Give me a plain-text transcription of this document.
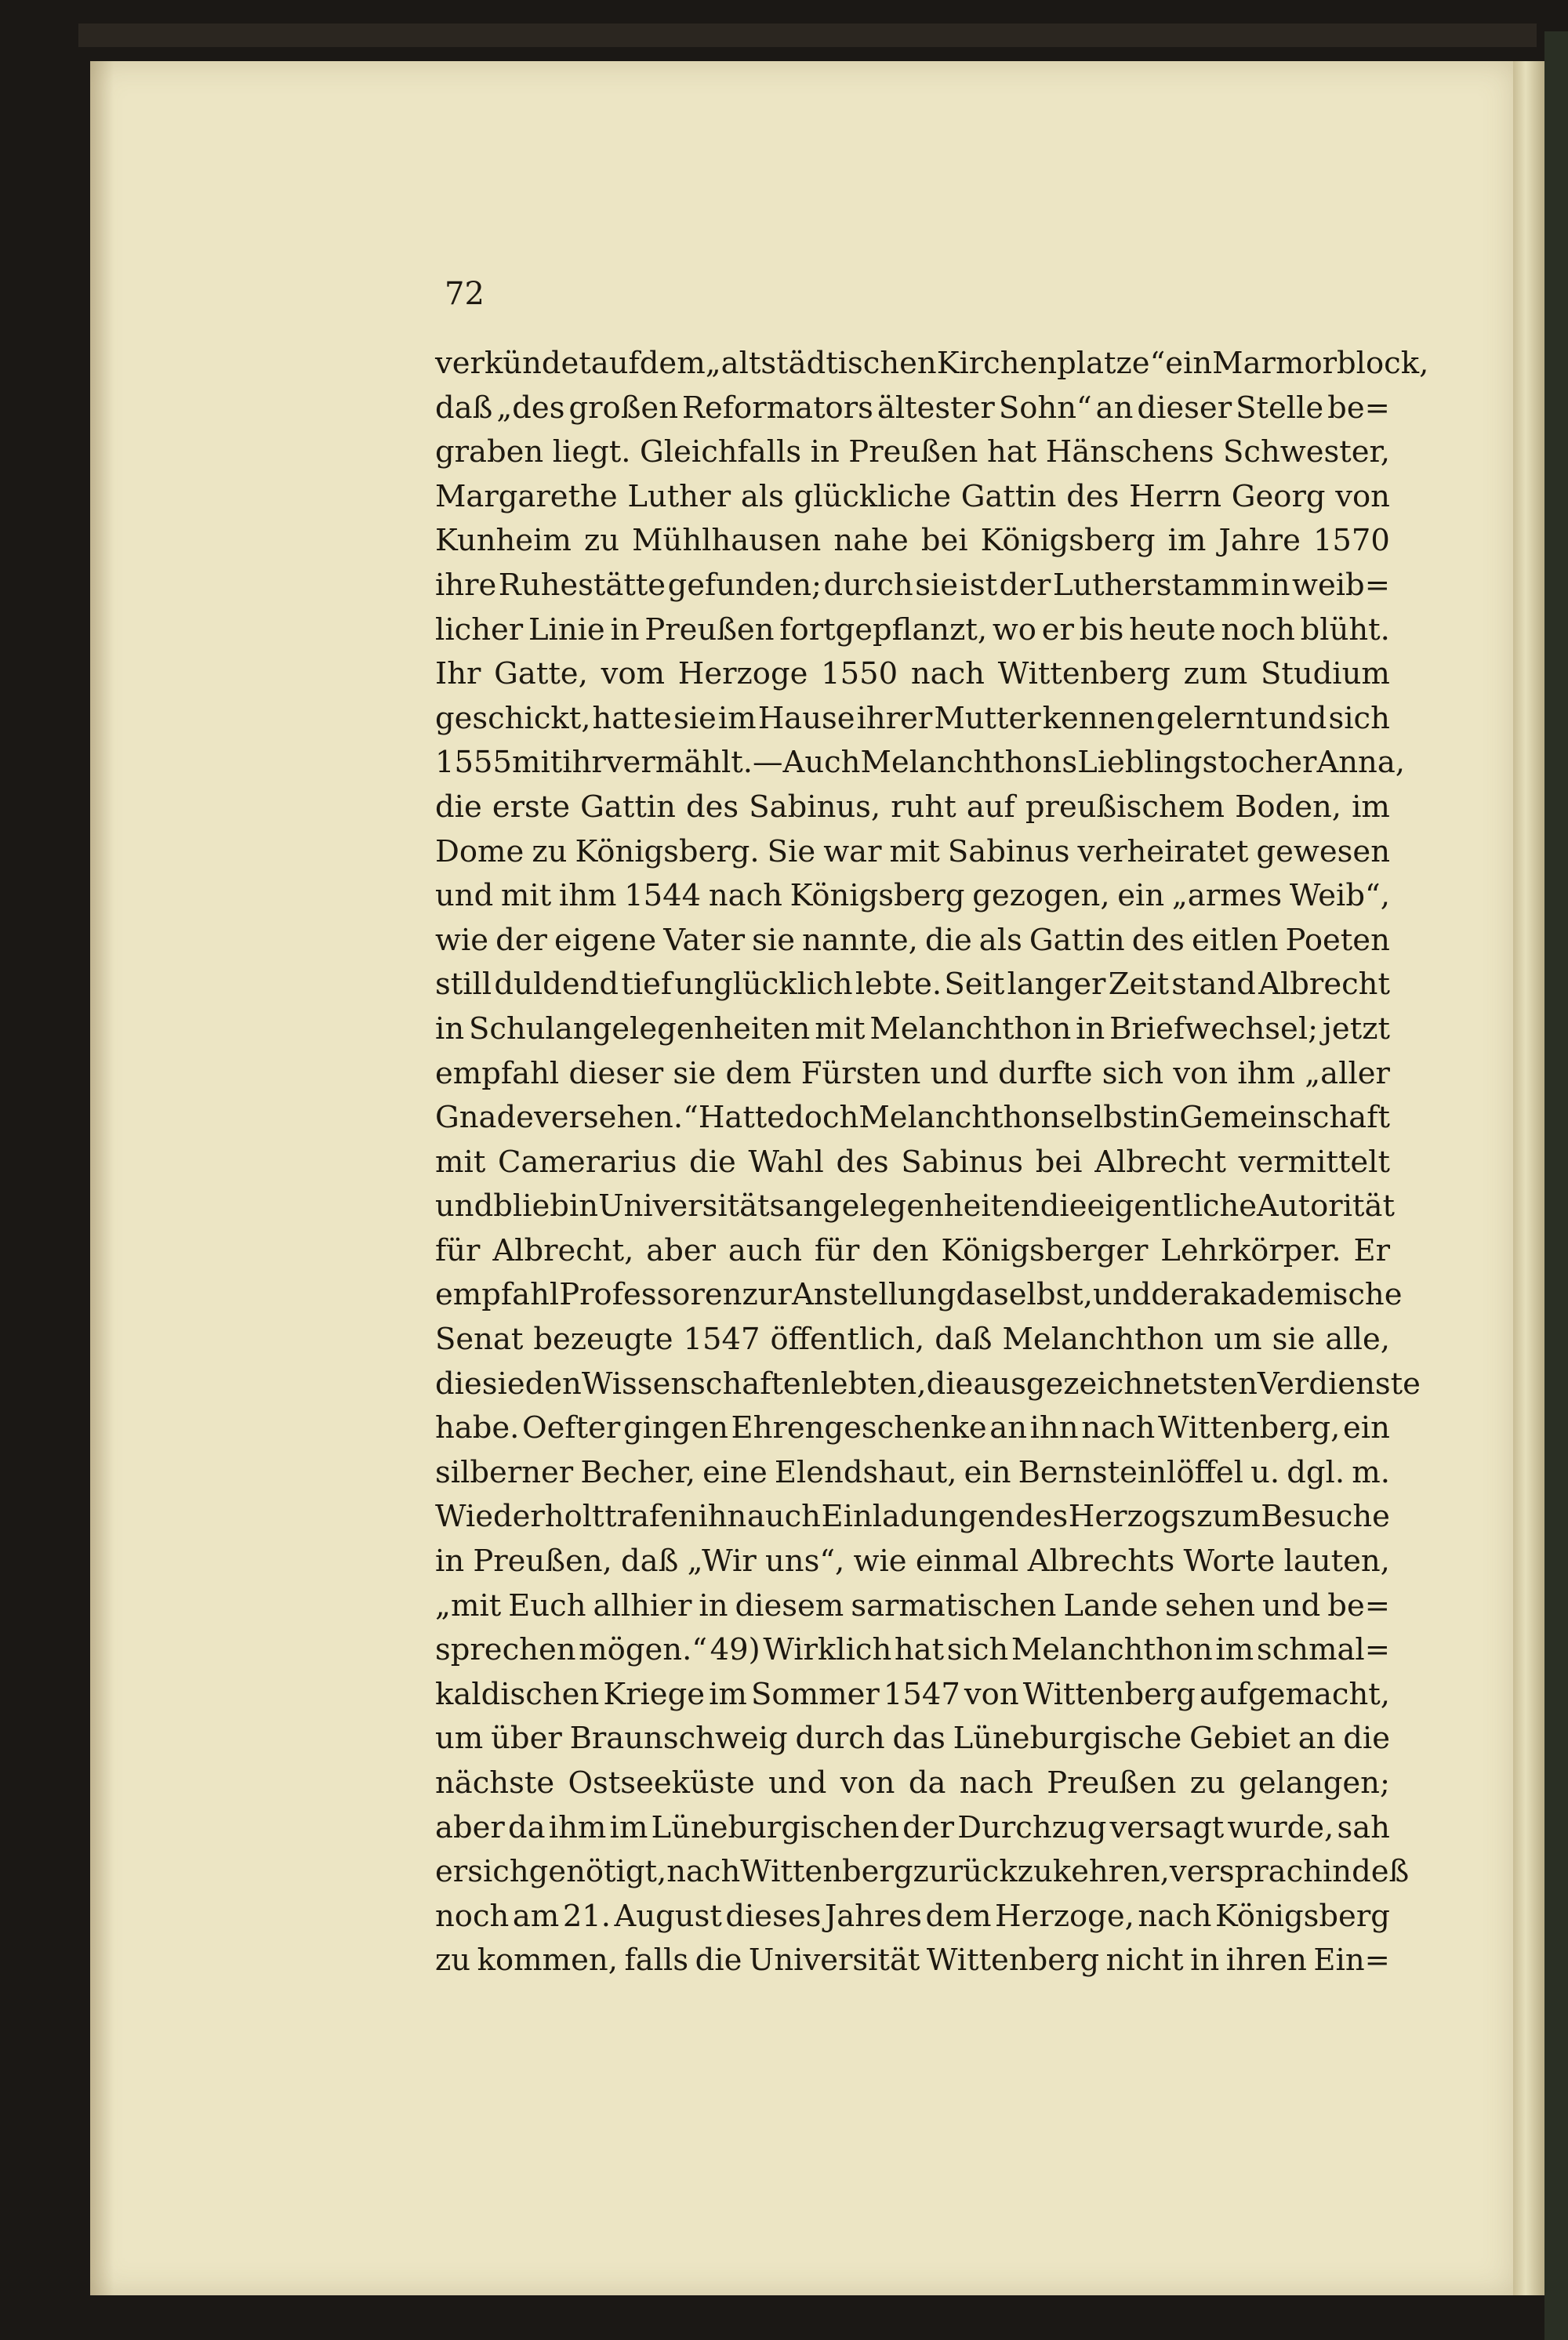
72

verkündet auf dem „altstädtischen Kirchenplatze“ ein Marmorblock,
daß „des großen Reformators ältester Sohn“ an dieser Stelle be=
graben liegt. Gleichfalls in Preußen hat Hänschens Schwester,
Margarethe Luther als glückliche Gattin des Herrn Georg von
Kunheim zu Mühlhausen nahe bei Königsberg im Jahre 1570
ihre Ruhestätte gefunden; durch sie ist der Lutherstamm in weib=
licher Linie in Preußen fortgepflanzt, wo er bis heute noch blüht.
Ihr Gatte, vom Herzoge 1550 nach Wittenberg zum Studium
geschickt, hatte sie im Hause ihrer Mutter kennen gelernt und sich
1555 mit ihr vermählt. — Auch Melanchthons Lieblingstocher Anna,
die erste Gattin des Sabinus, ruht auf preußischem Boden, im
Dome zu Königsberg. Sie war mit Sabinus verheiratet gewesen
und mit ihm 1544 nach Königsberg gezogen, ein „armes Weib“,
wie der eigene Vater sie nannte, die als Gattin des eitlen Poeten
still duldend tief unglücklich lebte. Seit langer Zeit stand Albrecht
in Schulangelegenheiten mit Melanchthon in Briefwechsel; jetzt
empfahl dieser sie dem Fürsten und durfte sich von ihm „aller
Gnade versehen.“ Hatte doch Melanchthon selbst in Gemeinschaft
mit Camerarius die Wahl des Sabinus bei Albrecht vermittelt
und blieb in Universitätsangelegenheiten die eigentliche Autorität
für Albrecht, aber auch für den Königsberger Lehrkörper. Er
empfahl Professoren zur Anstellung daselbst, und der akademische
Senat bezeugte 1547 öffentlich, daß Melanchthon um sie alle,
die sie den Wissenschaften lebten, die ausgezeichnetsten Verdienste
habe. Oefter gingen Ehrengeschenke an ihn nach Wittenberg, ein
silberner Becher, eine Elendshaut, ein Bernsteinlöffel u. dgl. m.
Wiederholt trafen ihn auch Einladungen des Herzogs zum Besuche
in Preußen, daß „Wir uns“, wie einmal Albrechts Worte lauten,
„mit Euch allhier in diesem sarmatischen Lande sehen und be=
sprechen mögen.“ 49) Wirklich hat sich Melanchthon im schmal=
kaldischen Kriege im Sommer 1547 von Wittenberg aufgemacht,
um über Braunschweig durch das Lüneburgische Gebiet an die
nächste Ostseeküste und von da nach Preußen zu gelangen;
aber da ihm im Lüneburgischen der Durchzug versagt wurde, sah
er sich genötigt, nach Wittenberg zurückzukehren, versprach indeß
noch am 21. August dieses Jahres dem Herzoge, nach Königsberg
zu kommen, falls die Universität Wittenberg nicht in ihren Ein=
